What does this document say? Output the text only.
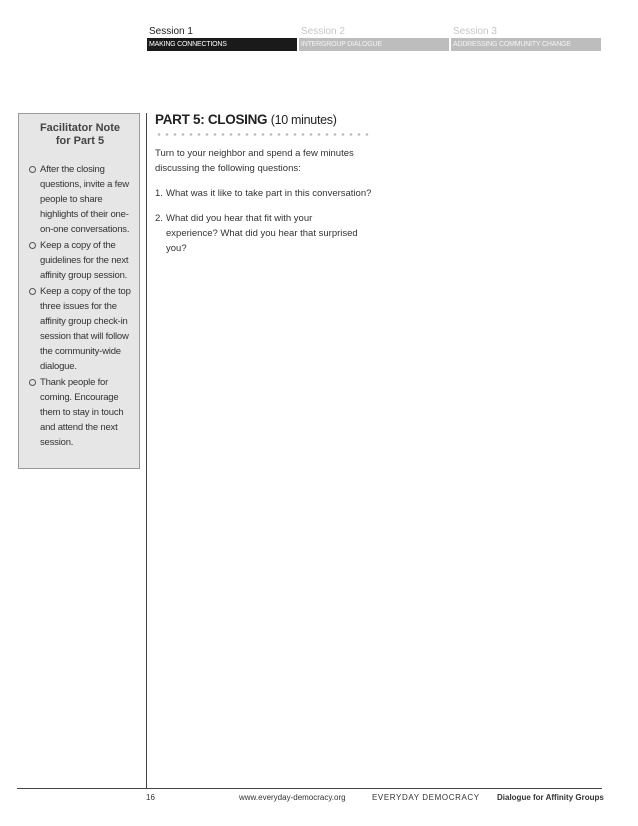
Session 1
MAKING CONNECTIONS
Session 2
INTERGROUP DIALOGUE
Session 3
ADDRESSING COMMUNITY CHANGE
Facilitator Note
for Part 5
After the closing questions, invite a few people to share highlights of their one-on-one conversations.
Keep a copy of the guidelines for the next affinity group session.
Keep a copy of the top three issues for the affinity group check-in session that will follow the community-wide dialogue.
Thank people for coming. Encourage them to stay in touch and attend the next session.
PART 5: CLOSING (10 minutes)
Turn to your neighbor and spend a few minutes discussing the following questions:
1. What was it like to take part in this conversation?
2. What did you hear that fit with your experience? What did you hear that surprised you?
16	www.everyday-democracy.org	EVERYDAY DEMOCRACY Dialogue for Affinity Groups
